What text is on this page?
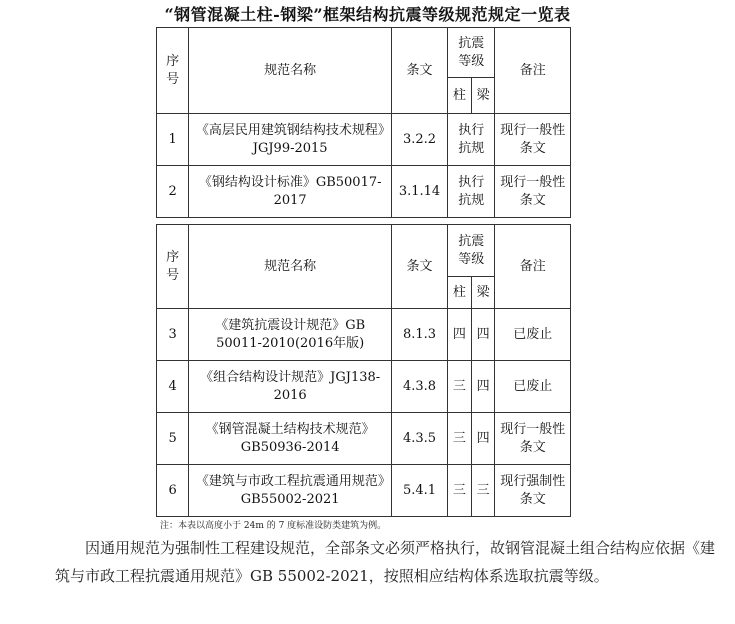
“钢管混凝土柱-钢梁”框架结构抗震等级规范规定一览表
序号	规范名称	条文	抗震等级		备注
			柱	梁	
1	《高层民用建筑钢结构技术规程》JGJ99-2015	3.2.2	执行抗规		现行一般性条文
2	《钢结构设计标准》GB50017-2017	3.1.14	执行抗规		现行一般性条文
序号	规范名称	条文	抗震等级		备注
			柱	梁	
3	《建筑抗震设计规范》GB 50011-2010(2016年版)	8.1.3	四	四	已废止
4	《组合结构设计规范》JGJ138-2016	4.3.8	三	四	已废止
5	《钢管混凝土结构技术规范》GB50936-2014	4.3.5	三	四	现行一般性条文
6	《建筑与市政工程抗震通用规范》GB55002-2021	5.4.1	三	三	现行强制性条文
注：本表以高度小于 24m 的 7 度标准设防类建筑为例。

因通用规范为强制性工程建设规范，全部条文必须严格执行，故钢管混凝土组合结构应依据《建筑与市政工程抗震通用规范》GB 55002-2021，按照相应结构体系选取抗震等级。
